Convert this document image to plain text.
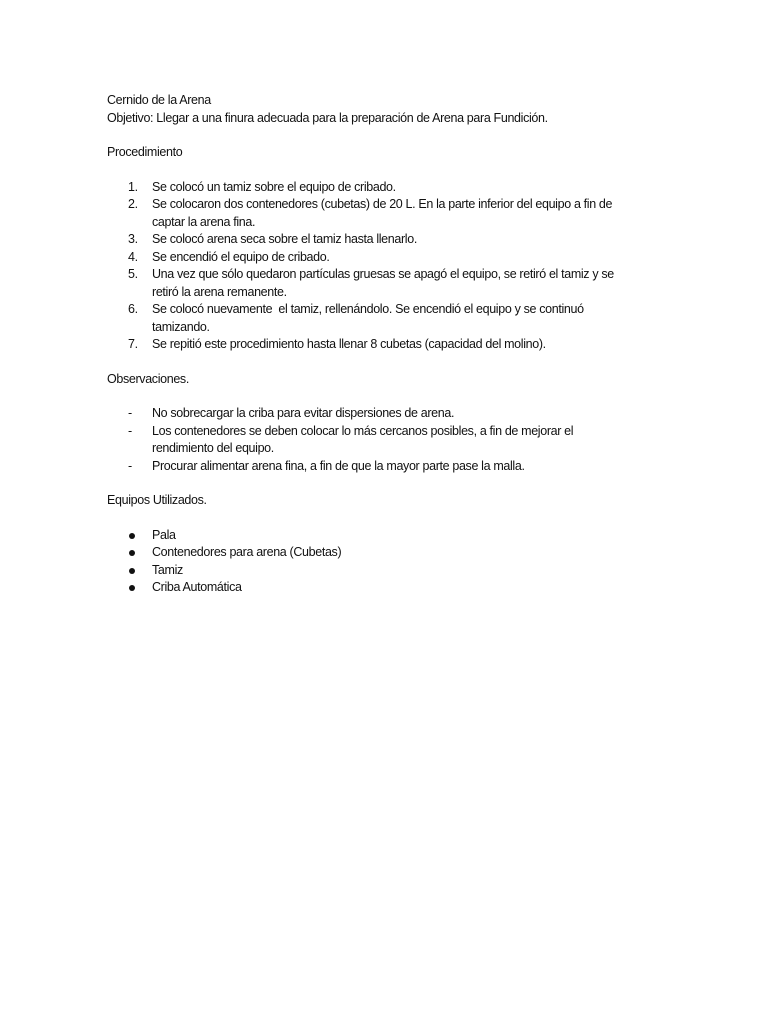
Cernido de la Arena

Objetivo: Llegar a una finura adecuada para la preparación de Arena para Fundición.

Procedimiento

1. Se colocó un tamiz sobre el equipo de cribado.
2. Se colocaron dos contenedores (cubetas) de 20 L. En la parte inferior del equipo a fin de
captar la arena fina.
3. Se colocó arena seca sobre el tamiz hasta llenarlo.
4. Se encendió el equipo de cribado.
5. Una vez que sólo quedaron partículas gruesas se apagó el equipo, se retiró el tamiz y se
retiró la arena remanente.
6. Se colocó nuevamente  el tamiz, rellenándolo. Se encendió el equipo y se continuó
tamizando.
7. Se repitió este procedimiento hasta llenar 8 cubetas (capacidad del molino).

Observaciones.

- No sobrecargar la criba para evitar dispersiones de arena.
- Los contenedores se deben colocar lo más cercanos posibles, a fin de mejorar el
rendimiento del equipo.
- Procurar alimentar arena fina, a fin de que la mayor parte pase la malla.

Equipos Utilizados.

Pala
Contenedores para arena (Cubetas)
Tamiz
Criba Automática
